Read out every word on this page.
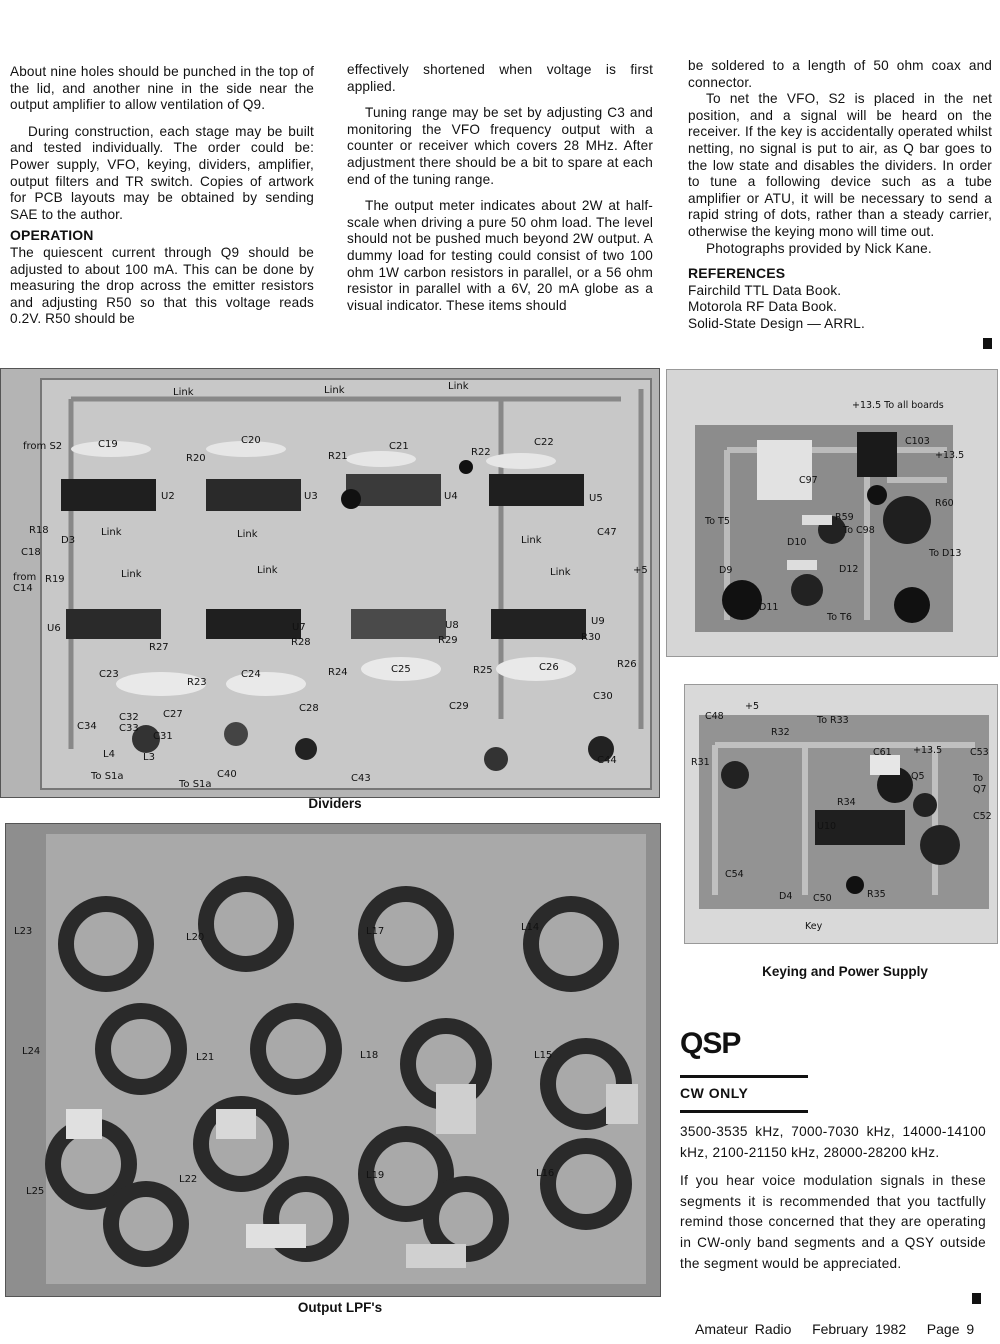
About nine holes should be punched in the top of the lid, and another nine in the side near the output amplifier to allow ventilation of Q9.

During construction, each stage may be built and tested individually. The order could be: Power supply, VFO, keying, dividers, amplifier, output filters and TR switch. Copies of artwork for PCB layouts may be obtained by sending SAE to the author.

OPERATION

The quiescent current through Q9 should be adjusted to about 100 mA. This can be done by measuring the drop across the emitter resistors and adjusting R50 so that this voltage reads 0.2V. R50 should be

effectively shortened when voltage is first applied.

Tuning range may be set by adjusting C3 and monitoring the VFO frequency output with a counter or receiver which covers 28 MHz. After adjustment there should be a bit to spare at each end of the tuning range.

The output meter indicates about 2W at half-scale when driving a pure 50 ohm load. The level should not be pushed much beyond 2W output. A dummy load for testing could consist of two 100 ohm 1W carbon resistors in parallel, or a 56 ohm resistor in parallel with a 6V, 20 mA globe as a visual indicator. These items should

be soldered to a length of 50 ohm coax and connector.

To net the VFO, S2 is placed in the net position, and a signal will be heard on the receiver. If the key is accidentally operated whilst netting, no signal is put to air, as Q bar goes to the low state and disables the dividers. In order to tune a following device such as a tube amplifier or ATU, it will be necessary to send a rapid string of dots, rather than a steady carrier, otherwise the keying mono will time out.

Photographs provided by Nick Kane.

REFERENCES
Fairchild TTL Data Book.
Motorola RF Data Book.
Solid-State Design — ARRL.
from S2	C19	C20
C21	C22
Link	Link	Link
R20	R21	R22
U2	U3	U4	U5
R18
D3
Link	Link
Link
C47
C18
from C14
R19	Link	Link	Link	+5
U6	U7	U8	U9
R27	R28	R29	R30
C23	C24	C25	C26
R23
R24	R25
R26
C27
C28	C29
C30
C34
C32
C33
C31
L4	L3
To S1a	C40
To S1a
C43
C44
Dividers
L23
L20
L17	L14
L24
L21	L18	L15
L25
L22	L19	L16
Output LPF's
+13.5 To all boards
C103
+13.5
C97
R60
R59
To C98
To T5
D10
D9	D12
To D13
D11
To T6
C48
+5
To R33
R32
C61 +13.5	C53
R31
Q5	To Q7
R34
U10
C52
C54
D4 C50	R35
Key
Keying and Power Supply
QSP
CW ONLY

3500-3535 kHz, 7000-7030 kHz, 14000-14100 kHz, 2100-21150 kHz, 28000-28200 kHz.

If you hear voice modulation signals in these segments it is recommended that you tactfully remind those concerned that they are operating in CW-only band segments and a QSY outside the segment would be appreciated.

Amateur Radio February 1982 Page 9
